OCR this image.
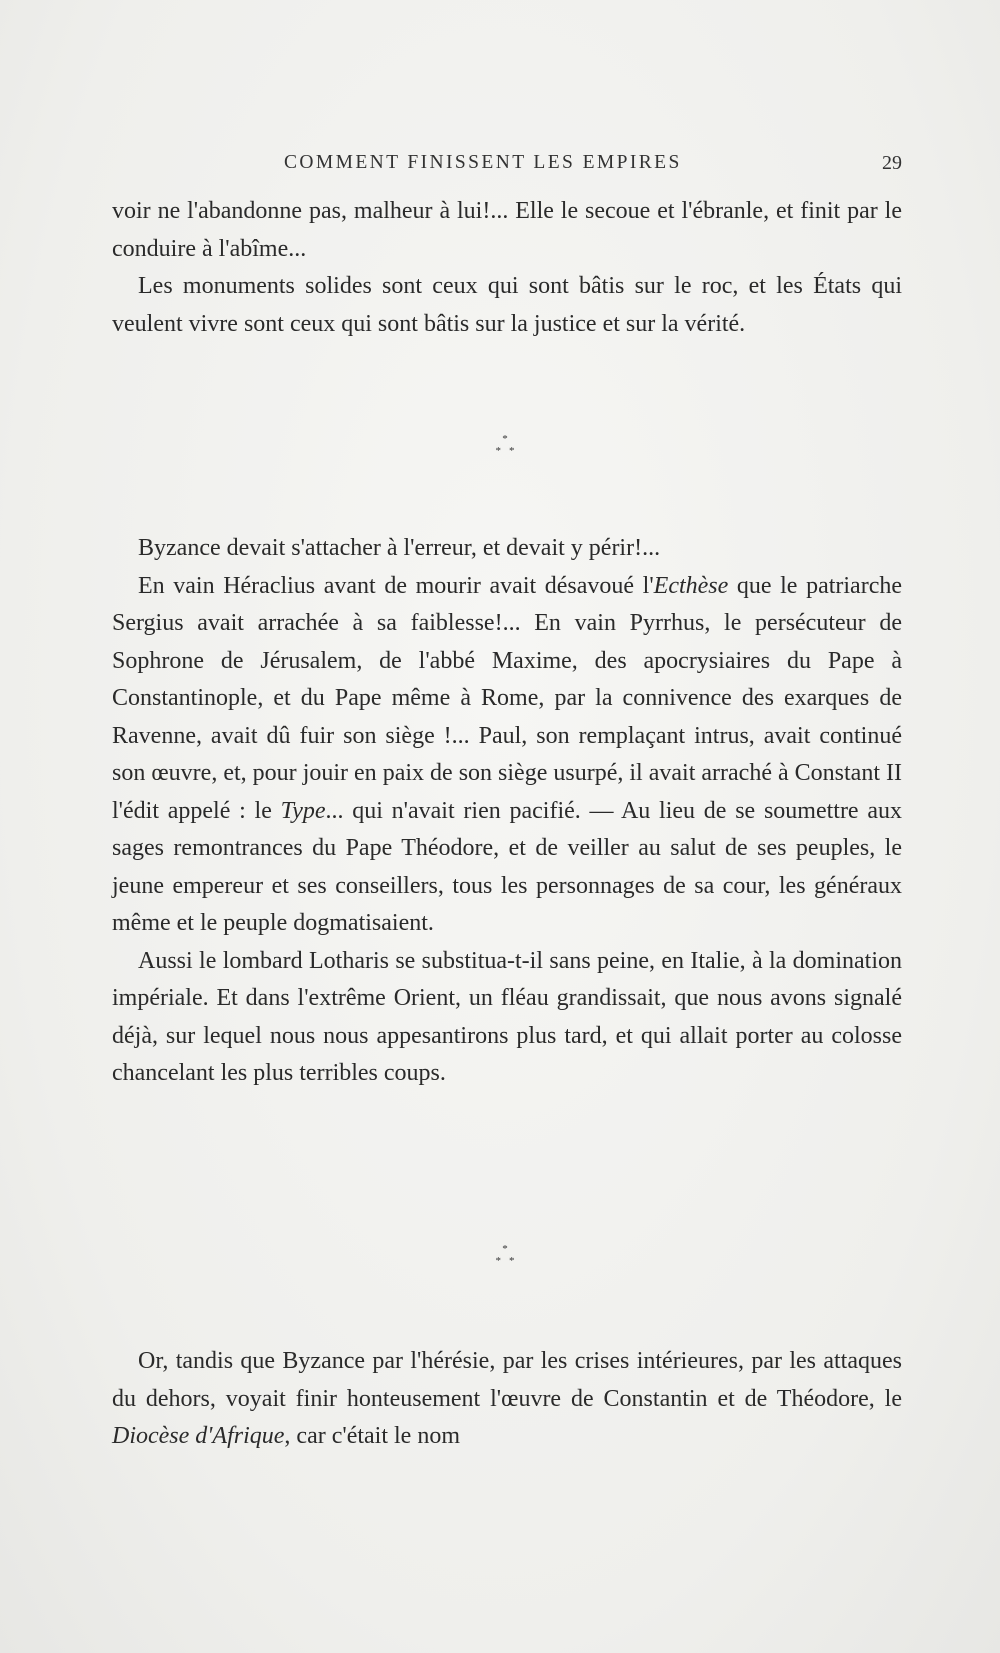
COMMENT FINISSENT LES EMPIRES	29

voir ne l'abandonne pas, malheur à lui!... Elle le secoue et l'ébranle, et finit par le conduire à l'abîme...

Les monuments solides sont ceux qui sont bâtis sur le roc, et les États qui veulent vivre sont ceux qui sont bâtis sur la justice et sur la vérité.

*
**

Byzance devait s'attacher à l'erreur, et devait y périr!...

En vain Héraclius avant de mourir avait désavoué l'Ecthèse que le patriarche Sergius avait arrachée à sa faiblesse!... En vain Pyrrhus, le persécuteur de Sophrone de Jérusalem, de l'abbé Maxime, des apocrysiaires du Pape à Constantinople, et du Pape même à Rome, par la connivence des exarques de Ravenne, avait dû fuir son siège !... Paul, son remplaçant intrus, avait continué son œuvre, et, pour jouir en paix de son siège usurpé, il avait arraché à Constant II l'édit appelé : le Type... qui n'avait rien pacifié. — Au lieu de se soumettre aux sages remontrances du Pape Théodore, et de veiller au salut de ses peuples, le jeune empereur et ses conseillers, tous les personnages de sa cour, les généraux même et le peuple dogmatisaient.

Aussi le lombard Lotharis se substitua-t-il sans peine, en Italie, à la domination impériale. Et dans l'extrême Orient, un fléau grandissait, que nous avons signalé déjà, sur lequel nous nous appesantirons plus tard, et qui allait porter au colosse chancelant les plus terribles coups.

*
**

Or, tandis que Byzance par l'hérésie, par les crises intérieures, par les attaques du dehors, voyait finir honteusement l'œuvre de Constantin et de Théodore, le Diocèse d'Afrique, car c'était le nom
